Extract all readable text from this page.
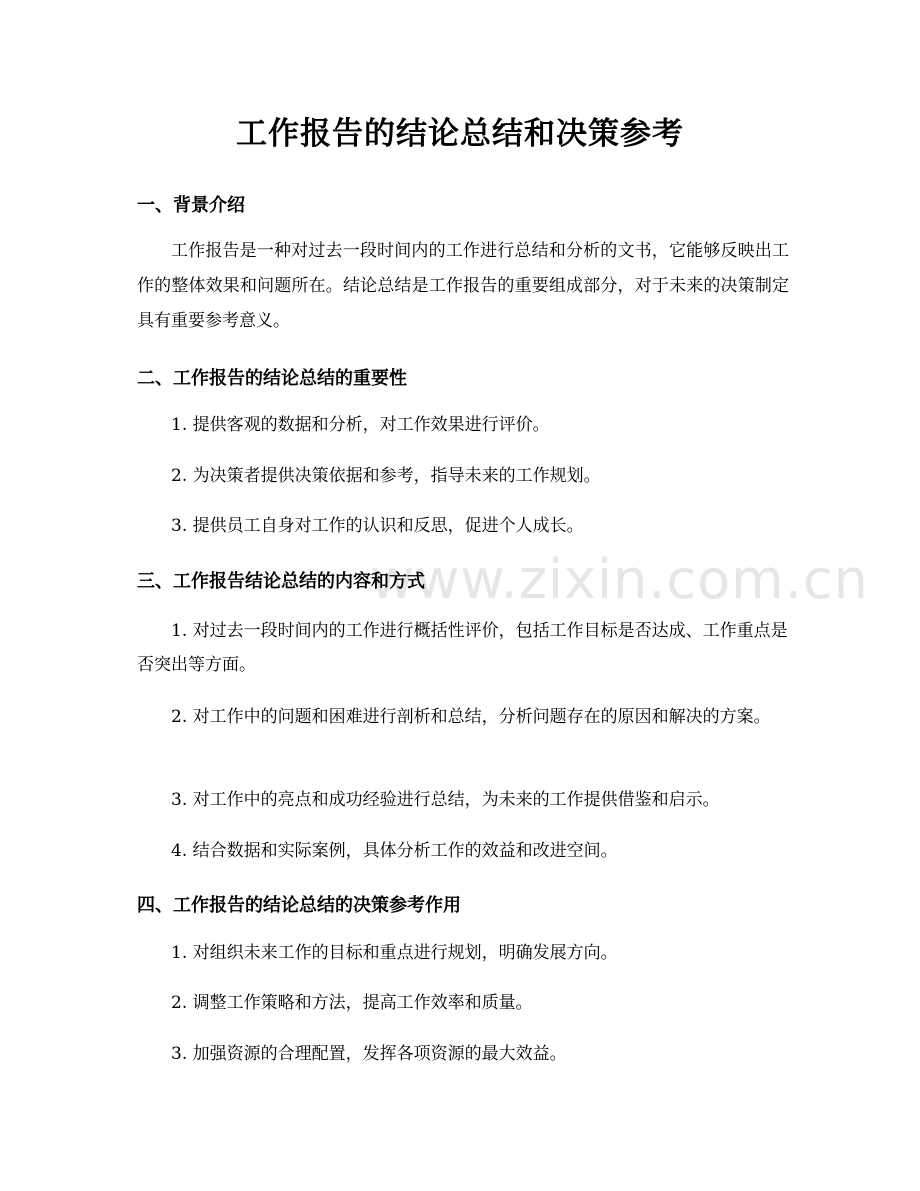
www.zixin.com.cn
工作报告的结论总结和决策参考
一、背景介绍

工作报告是一种对过去一段时间内的工作进行总结和分析的文书，它能够反映出工作的整体效果和问题所在。结论总结是工作报告的重要组成部分，对于未来的决策制定具有重要参考意义。

二、工作报告的结论总结的重要性

1. 提供客观的数据和分析，对工作效果进行评价。

2. 为决策者提供决策依据和参考，指导未来的工作规划。

3. 提供员工自身对工作的认识和反思，促进个人成长。

三、工作报告结论总结的内容和方式

1. 对过去一段时间内的工作进行概括性评价，包括工作目标是否达成、工作重点是否突出等方面。

2. 对工作中的问题和困难进行剖析和总结，分析问题存在的原因和解决的方案。

3. 对工作中的亮点和成功经验进行总结，为未来的工作提供借鉴和启示。

4. 结合数据和实际案例，具体分析工作的效益和改进空间。

四、工作报告的结论总结的决策参考作用

1. 对组织未来工作的目标和重点进行规划，明确发展方向。

2. 调整工作策略和方法，提高工作效率和质量。

3. 加强资源的合理配置，发挥各项资源的最大效益。
